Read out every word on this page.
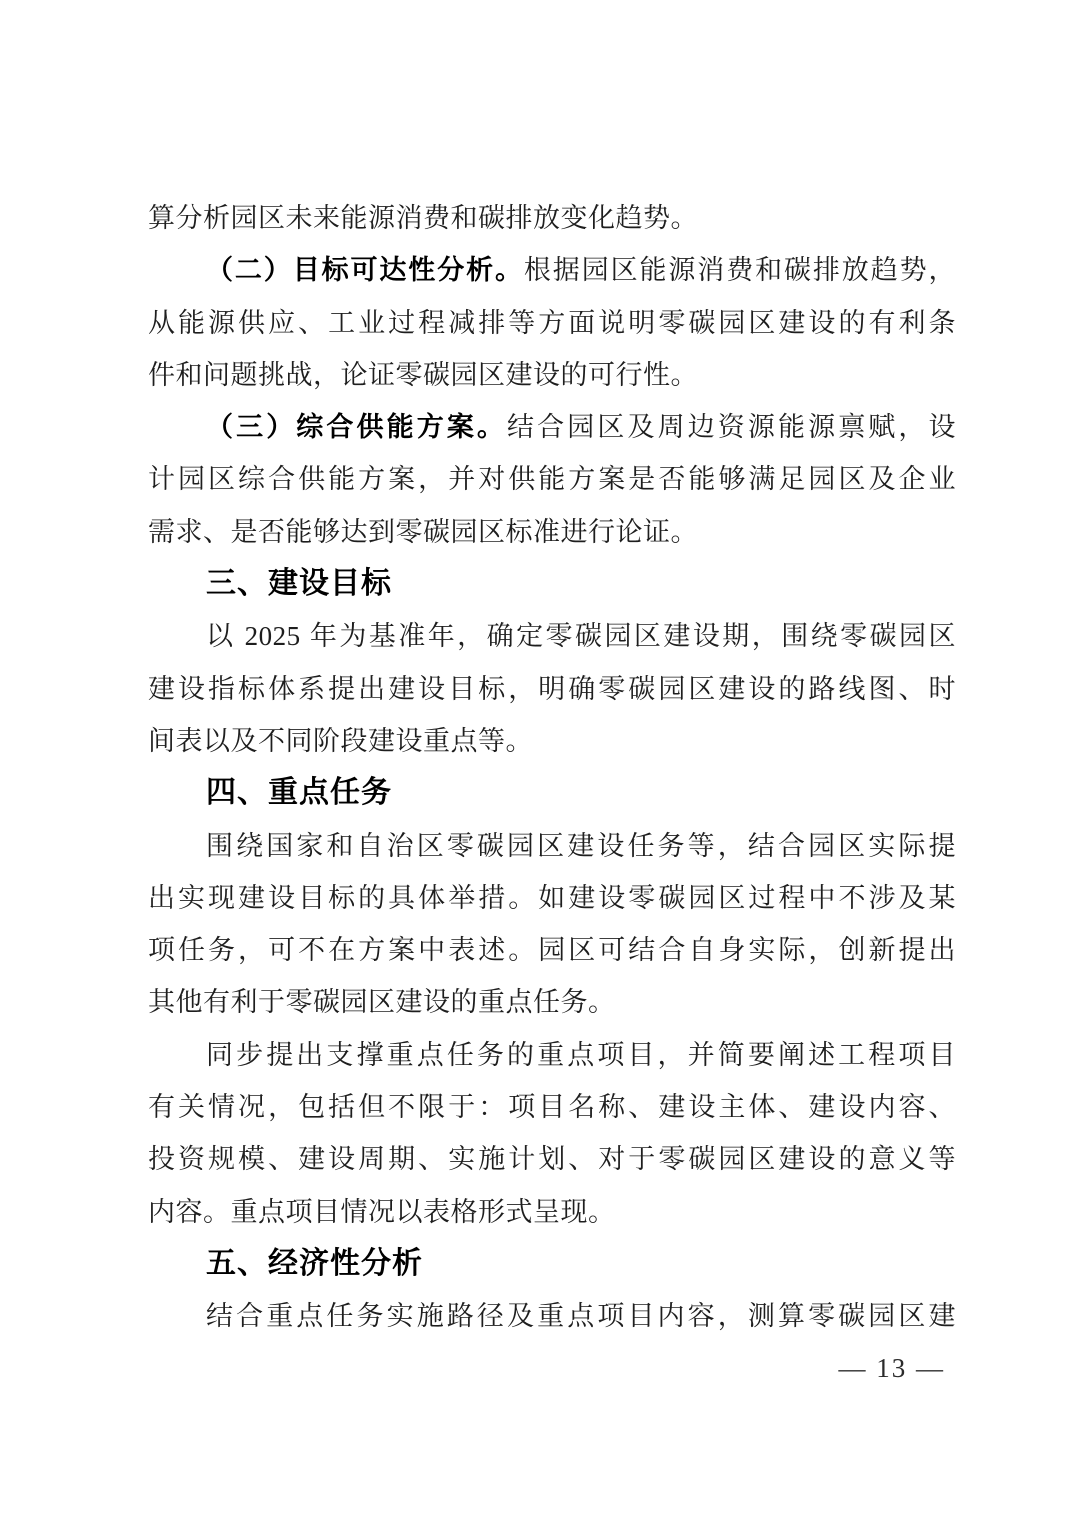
算分析园区未来能源消费和碳排放变化趋势。

（二）目标可达性分析。根据园区能源消费和碳排放趋势，

从能源供应、工业过程减排等方面说明零碳园区建设的有利条

件和问题挑战，论证零碳园区建设的可行性。

（三）综合供能方案。结合园区及周边资源能源禀赋，设

计园区综合供能方案，并对供能方案是否能够满足园区及企业

需求、是否能够达到零碳园区标准进行论证。

三、建设目标

以 2025 年为基准年，确定零碳园区建设期，围绕零碳园区

建设指标体系提出建设目标，明确零碳园区建设的路线图、时

间表以及不同阶段建设重点等。

四、重点任务

围绕国家和自治区零碳园区建设任务等，结合园区实际提

出实现建设目标的具体举措。如建设零碳园区过程中不涉及某

项任务，可不在方案中表述。园区可结合自身实际，创新提出

其他有利于零碳园区建设的重点任务。

同步提出支撑重点任务的重点项目，并简要阐述工程项目

有关情况，包括但不限于：项目名称、建设主体、建设内容、

投资规模、建设周期、实施计划、对于零碳园区建设的意义等

内容。重点项目情况以表格形式呈现。

五、经济性分析

结合重点任务实施路径及重点项目内容，测算零碳园区建

— 13 —
